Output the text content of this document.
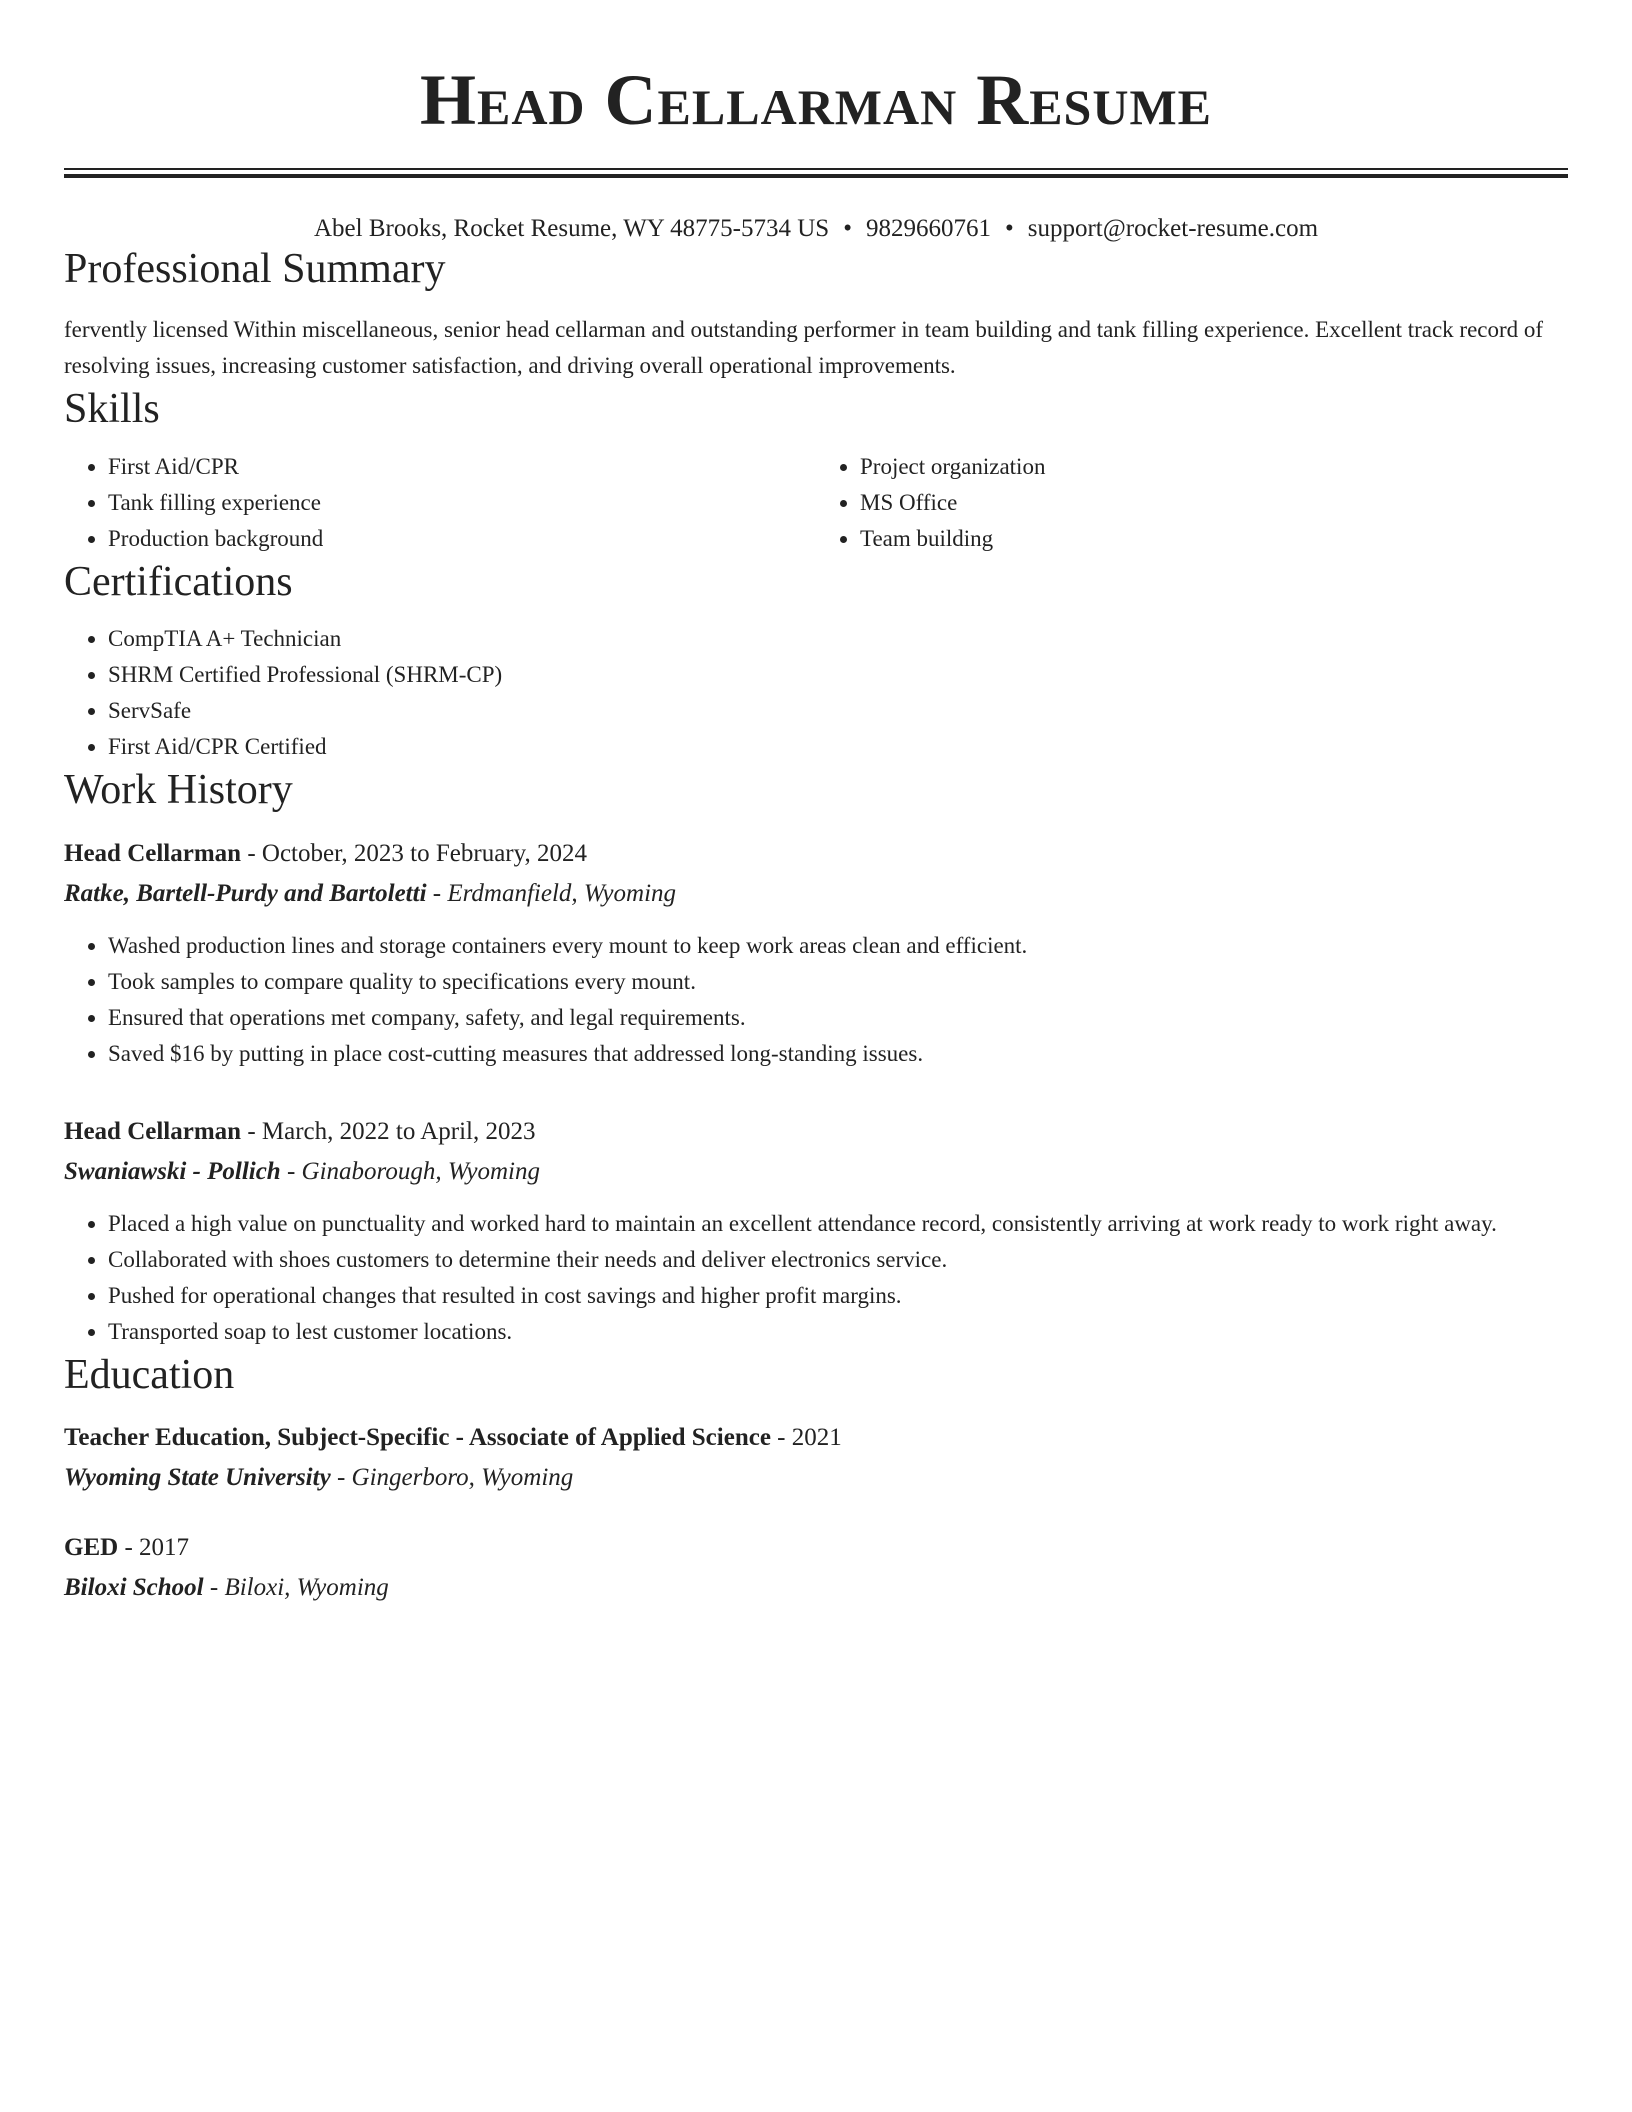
Head Cellarman Resume
Abel Brooks, Rocket Resume, WY 48775-5734 US • 9829660761 • support@rocket-resume.com
Professional Summary

fervently licensed Within miscellaneous, senior head cellarman and outstanding performer in team building and tank filling experience. Excellent track record of resolving issues, increasing customer satisfaction, and driving overall operational improvements.

Skills
• First Aid/CPR
• Tank filling experience
• Production background
• Project organization
• MS Office
• Team building
Certifications
• CompTIA A+ Technician
• SHRM Certified Professional (SHRM-CP)
• ServSafe
• First Aid/CPR Certified
Work History
Head Cellarman - October, 2023 to February, 2024
Ratke, Bartell-Purdy and Bartoletti - Erdmanfield, Wyoming
• Washed production lines and storage containers every mount to keep work areas clean and efficient.
• Took samples to compare quality to specifications every mount.
• Ensured that operations met company, safety, and legal requirements.
• Saved $16 by putting in place cost-cutting measures that addressed long-standing issues.
Head Cellarman - March, 2022 to April, 2023
Swaniawski - Pollich - Ginaborough, Wyoming
• Placed a high value on punctuality and worked hard to maintain an excellent attendance record, consistently arriving at work ready to work right away.
• Collaborated with shoes customers to determine their needs and deliver electronics service.
• Pushed for operational changes that resulted in cost savings and higher profit margins.
• Transported soap to lest customer locations.
Education
Teacher Education, Subject-Specific - Associate of Applied Science - 2021
Wyoming State University - Gingerboro, Wyoming
GED - 2017
Biloxi School - Biloxi, Wyoming
